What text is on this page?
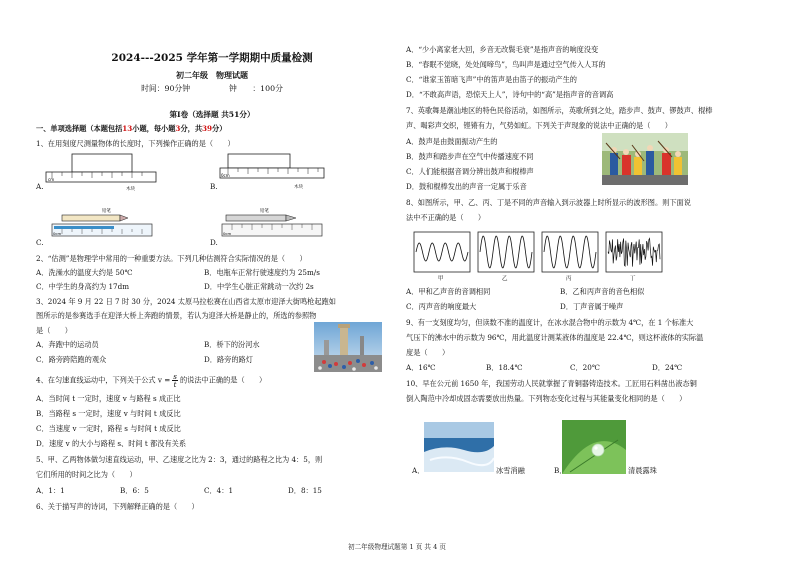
2024---2025 学年第一学期期中质量检测
初二年级　物理试题
时间：90分钟　　　　　钟　　：100分
第Ⅰ卷（选择题 共51分）
一、单项选择题（本题包括13小题，每小题3分，共39分）
1、在用刻度尺测量物体的长度时，下列操作正确的是（　　）
A.	B.
C.	D.
cm
木块
0cm
木块
铅笔
0cm
铅笔
0cm
2、“估测”是物理学中常用的一种重要方法。下列几种估测符合实际情况的是（　　）
A．洗澡水的温度大约是 50℃	B．电瓶车正常行驶速度约为 25m/s
C．中学生的身高约为 17dm	D．中学生心脏正常跳动一次约 2s
3、2024 年 9 月 22 日 7 时 30 分，2024 太原马拉松赛在山西省太原市迎泽大街鸣枪起跑如
图所示的是参赛选手在迎泽大桥上奔跑的情景，若认为迎泽大桥是静止的，所选的参照物
是（　　）
A．奔跑中的运动员	B．桥下的汾河水
C．路旁跨陪跑的观众	D．路旁的路灯
4、在匀速直线运动中，下列关于公式 $v = \frac{s}{t}$ 的说法中正确的是（　　）
A．当时间 t 一定时，速度 v 与路程 s 成正比
B．当路程 s 一定时，速度 v 与时间 t 成反比
C．当速度 v 一定时，路程 s 与时间 t 成反比
D．速度 v 的大小与路程 s、时间 t 都没有关系
5、甲、乙两物体做匀速直线运动，甲、乙速度之比为 2：3，通过的路程之比为 4：5，则
它们所用的时间之比为（　　）
A．1：1	B．6：5	C．4：1	D．8：15
6、关于描写声的诗词，下列解释正确的是（　　）
A．“少小离家老大回，乡音无改鬓毛衰”是指声音的响度没变
B．“春眠不觉晓，处处闻啼鸟”，鸟叫声是通过空气传入人耳的
C．“谁家玉笛暗飞声”中的笛声是由笛子的振动产生的
D．“不敢高声语，恐惊天上人”，诗句中的“高”是指声音的音调高
7、英歌舞是潮汕地区的特色民俗活动，如图所示，英歌所到之处，踏步声、鼓声、锣鼓声、棍棒
声、喝彩声交织，铿锵有力，气势如虹。下列关于声现象的说法中正确的是（　　）
A．鼓声是由鼓面振动产生的
B．鼓声和踏步声在空气中传播速度不同
C．人们能根据音调分辨出鼓声和棍棒声
D．鼓和棍棒发出的声音一定属于乐音
8、如图所示，甲、乙、丙、丁是不同的声音输入到示波器上时所显示的波形图。则下面说
法中不正确的是（　　）
甲	乙	丙	丁
A．甲和乙声音的音调相同	B．乙和丙声音的音色相似
C．丙声音的响度最大	D．丁声音属于噪声
9、有一支刻度均匀，但读数不准的温度计，在冰水混合物中的示数为 4℃，在 1 个标准大
气压下的沸水中的示数为 96℃，用此温度计测某液体的温度是 22.4℃，则这杯液体的实际温
度是（　　）
A．16℃	B．18.4℃	C．20℃	D．24℃
10、早在公元前 1650 年，我国劳动人民就掌握了青铜器铸造技术。工匠用石料凿出液态铜
倒入陶范中冷却成固态需要放出热量。下列物态变化过程与其能量变化相同的是（　　）
A．	冰雪消融	B．	清晨露珠
初二年级物理试题第 1 页 共 4 页
